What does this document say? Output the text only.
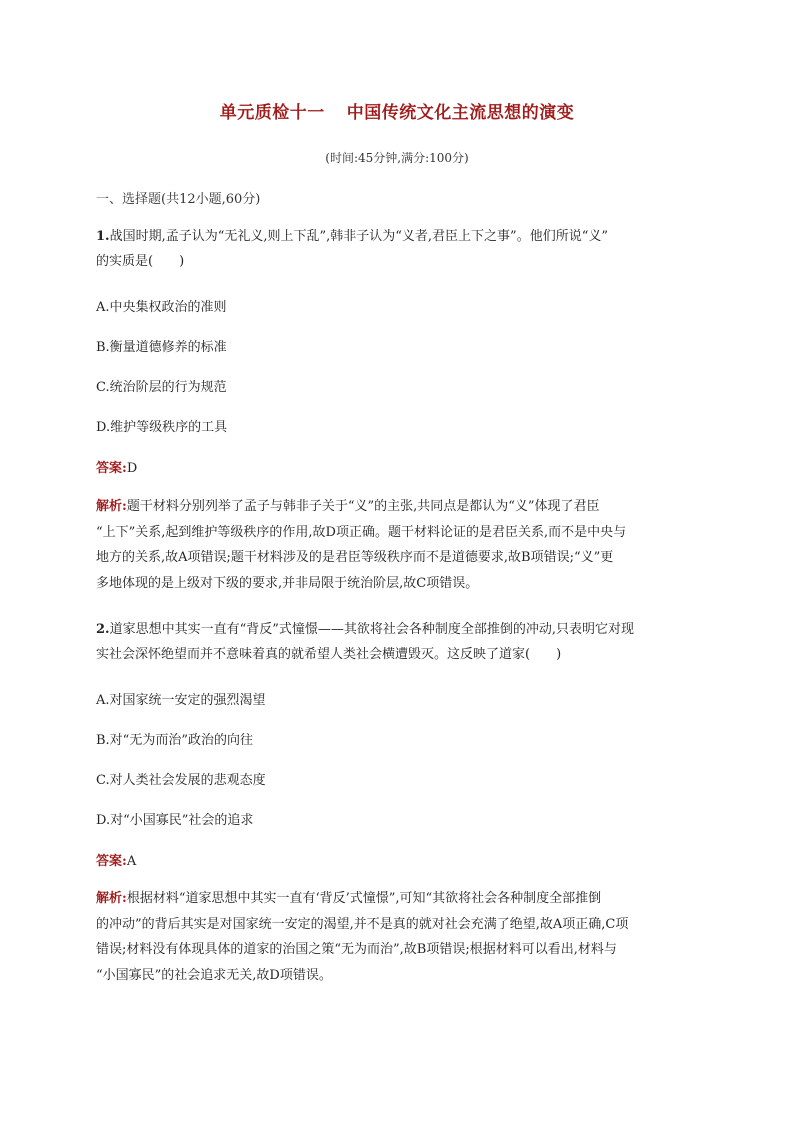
单元质检十一 中国传统文化主流思想的演变
(时间:45分钟,满分:100分)
一、选择题(共12小题,60分)
1.战国时期,孟子认为“无礼义,则上下乱”,韩非子认为“义者,君臣上下之事”。他们所说“义”
的实质是(　　)
A.中央集权政治的准则
B.衡量道德修养的标准
C.统治阶层的行为规范
D.维护等级秩序的工具
答案:D
解析:题干材料分别列举了孟子与韩非子关于“义”的主张,共同点是都认为“义”体现了君臣
“上下”关系,起到维护等级秩序的作用,故D项正确。题干材料论证的是君臣关系,而不是中央与
地方的关系,故A项错误;题干材料涉及的是君臣等级秩序而不是道德要求,故B项错误;“义”更
多地体现的是上级对下级的要求,并非局限于统治阶层,故C项错误。
2.道家思想中其实一直有“背反”式憧憬——其欲将社会各种制度全部推倒的冲动,只表明它对现
实社会深怀绝望而并不意味着真的就希望人类社会横遭毁灭。这反映了道家(　　)
A.对国家统一安定的强烈渴望
B.对“无为而治”政治的向往
C.对人类社会发展的悲观态度
D.对“小国寡民”社会的追求
答案:A
解析:根据材料“道家思想中其实一直有‘背反’式憧憬”,可知“其欲将社会各种制度全部推倒
的冲动”的背后其实是对国家统一安定的渴望,并不是真的就对社会充满了绝望,故A项正确,C项
错误;材料没有体现具体的道家的治国之策“无为而治”,故B项错误;根据材料可以看出,材料与
“小国寡民”的社会追求无关,故D项错误。
